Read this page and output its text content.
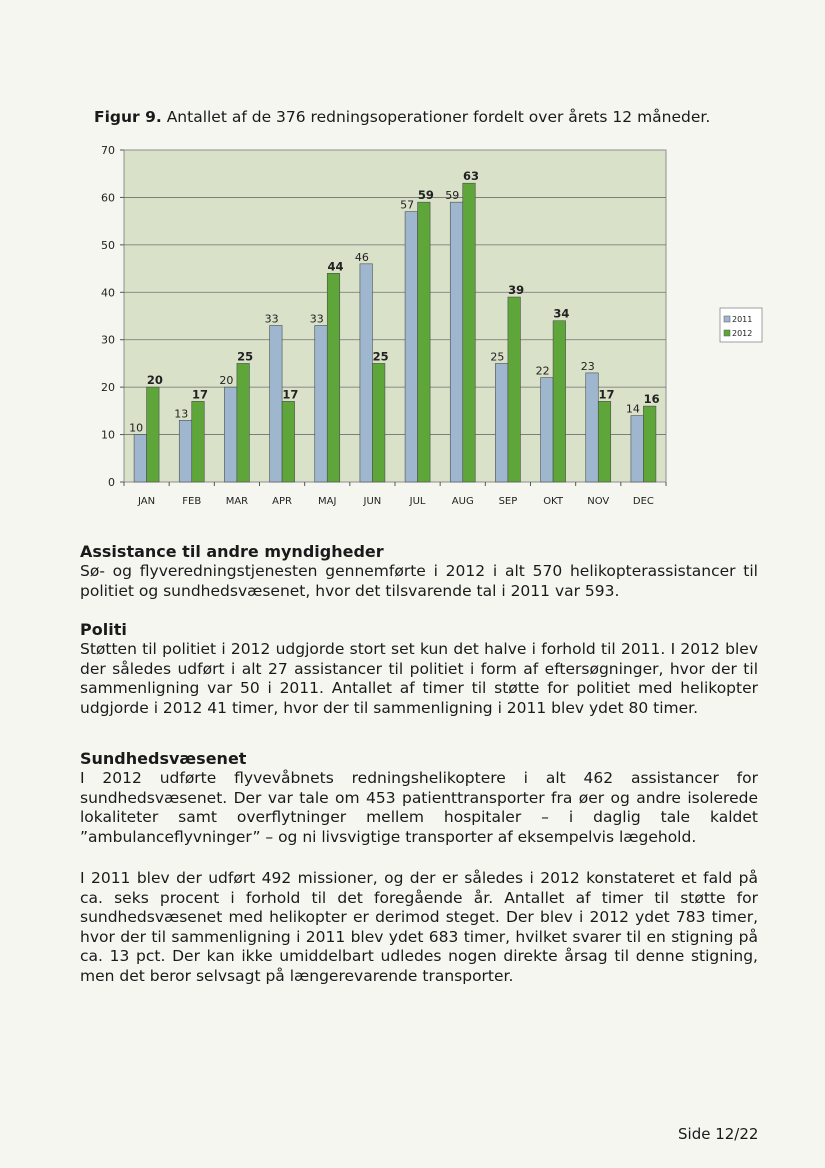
Figur 9. Antallet af de 376 redningsoperationer fordelt over årets 12 måneder.
0
10
20
30
40
50
60
70
JAN
10
20
FEB
13
17
MAR
20
25
APR
33
17
MAJ
33
44
JUN
46
25
JUL
57
59
AUG
59
63
SEP
25
39
OKT
22
34
NOV
23
17
DEC
14
16
2011
2012
Assistance til andre myndigheder

Sø- og flyveredningstjenesten gennemførte i 2012 i alt 570 helikopterassistancer til politiet og sundhedsvæsenet, hvor det tilsvarende tal i 2011 var 593.

Politi

Støtten til politiet i 2012 udgjorde stort set kun det halve i forhold til 2011. I 2012 blev der således udført i alt 27 assistancer til politiet i form af eftersøgninger, hvor der til sammenligning var 50 i 2011. Antallet af timer til støtte for politiet med helikopter udgjorde i 2012 41 timer, hvor der til sammenligning i 2011 blev ydet 80 timer.

Sundhedsvæsenet

I 2012 udførte flyvevåbnets redningshelikoptere i alt 462 assistancer for sundhedsvæsenet. Der var tale om 453 patienttransporter fra øer og andre isolerede lokaliteter samt overflytninger mellem hospitaler – i daglig tale kaldet ”ambulanceflyvninger” – og ni livsvigtige transporter af eksempelvis lægehold.

I 2011 blev der udført 492 missioner, og der er således i 2012 konstateret et fald på ca. seks procent i forhold til det foregående år. Antallet af timer til støtte for sundhedsvæsenet med helikopter er derimod steget. Der blev i 2012 ydet 783 timer, hvor der til sammenligning i 2011 blev ydet 683 timer, hvilket svarer til en stigning på ca. 13 pct. Der kan ikke umiddelbart udledes nogen direkte årsag til denne stigning, men det beror selvsagt på længerevarende transporter.

Side 12/22
